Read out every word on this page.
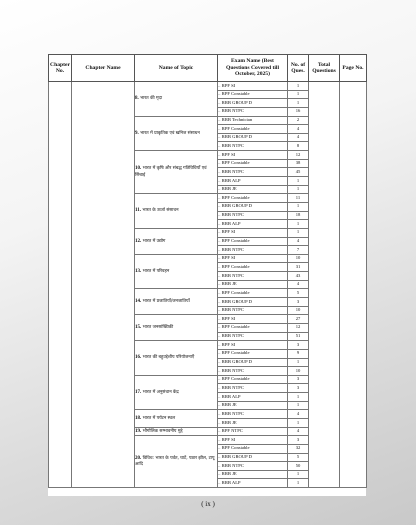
Chapter No.	Chapter Name	Name of Topic	Exam Name (Best Questions Covered till October, 2025)	No. of Ques.	Total Questions	Page No.
		8. भारत की मृदा	– RPF SI	1		
			– RPF Constable	1		
			– RRB GROUP D	1		
			– RRB NTPC	16		
		9. भारत में प्राकृतिक एवं खनिज संसाधन	– RRB Technician	2		
			– RPF Constable	4		
			– RRB GROUP D	4		
			– RRB NTPC	8		
		10. भारत में कृषि और संबद्ध गतिविधियाँ एवं सिंचाई	– RPF SI	12		
			– RPF Constable	38		
			– RRB NTPC	45		
			– RRB ALP	1		
			– RRB JE	1		
		11. भारत के ऊर्जा संसाधन	– RPF Constable	11		
			– RRB GROUP D	1		
			– RRB NTPC	18		
			– RRB ALP	1		
		12. भारत में उद्योग	– RPF SI	1		
			– RPF Constable	4		
			– RRB NTPC	7		
		13. भारत में परिवहन	– RPF SI	10		
			– RPF Constable	31		
			– RRB NTPC	43		
			– RRB JE	4		
		14. भारत में प्रजातियाँ/जनजातियाँ	– RPF Constable	5		
			– RRB GROUP D	3		
			– RRB NTPC	10		
		15. भारत जनसांख्यिकी	– RPF SI	27		
			– RPF Constable	12		
			– RRB NTPC	51		
		16. भारत की बहुउद्देशीय परियोजनाएँ	– RPF SI	3		
			– RPF Constable	9		
			– RRB GROUP D	1		
			– RRB NTPC	10		
		17. भारत में अनुसंधान केंद्र	– RPF Constable	3		
			– RRB NTPC	3		
			– RRB ALP	1		
			– RRB JE	1		
		18. भारत में पर्यटन स्थल	– RRB NTPC	4		
			– RRB JE	1		
		19. भौगोलिक सम्भावनीय मुद्दे	– RPF NTPC	4		
		20. विविध: भारत के पर्वत, घाटें, पठार झील, टापू आदि	– RPF SI	3		
			– RPF Constable	32		
			– RRB GROUP D	5		
			– RRB NTPC	50		
			– RRB JE	1		
			– RRB ALP	1		
( ix )
